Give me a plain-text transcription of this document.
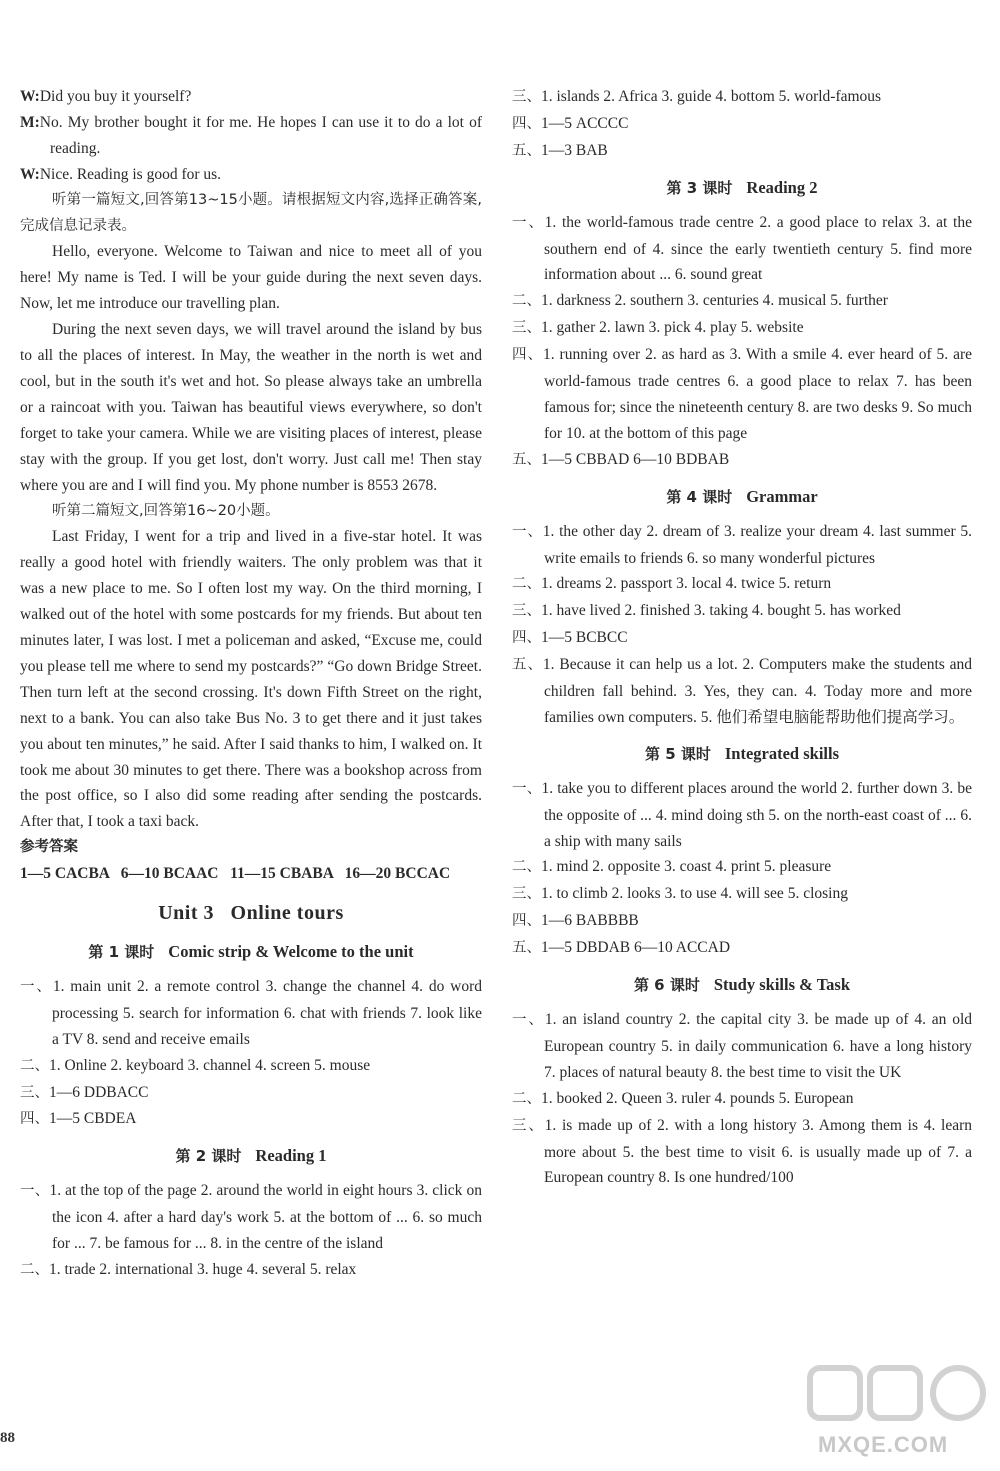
W:Did you buy it yourself?

M:No. My brother bought it for me. He hopes I can use it to do a lot of reading.

W:Nice. Reading is good for us.

听第一篇短文,回答第13~15小题。请根据短文内容,选择正确答案,完成信息记录表。

Hello, everyone. Welcome to Taiwan and nice to meet all of you here! My name is Ted. I will be your guide during the next seven days. Now, let me introduce our travelling plan.

During the next seven days, we will travel around the island by bus to all the places of interest. In May, the weather in the north is wet and cool, but in the south it's wet and hot. So please always take an umbrella or a raincoat with you. Taiwan has beautiful views everywhere, so don't forget to take your camera. While we are visiting places of interest, please stay with the group. If you get lost, don't worry. Just call me! Then stay where you are and I will find you. My phone number is 8553 2678.

听第二篇短文,回答第16~20小题。

Last Friday, I went for a trip and lived in a five-star hotel. It was really a good hotel with friendly waiters. The only problem was that it was a new place to me. So I often lost my way. On the third morning, I walked out of the hotel with some postcards for my friends. But about ten minutes later, I was lost. I met a policeman and asked, “Excuse me, could you please tell me where to send my postcards?” “Go down Bridge Street. Then turn left at the second crossing. It's down Fifth Street on the right, next to a bank. You can also take Bus No. 3 to get there and it just takes you about ten minutes,” he said. After I said thanks to him, I walked on. It took me about 30 minutes to get there. There was a bookshop across from the post office, so I also did some reading after sending the postcards. After that, I took a taxi back.

参考答案

1—5 CACBA   6—10 BCAAC   11—15 CBABA   16—20 BCCAC

Unit 3   Online tours
第 1 课时 Comic strip & Welcome to the unit

一、1. main unit 2. a remote control 3. change the channel 4. do word processing 5. search for information 6. chat with friends 7. look like a TV 8. send and receive emails

二、1. Online 2. keyboard 3. channel 4. screen 5. mouse

三、1—6 DDBACC

四、1—5 CBDEA

第 2 课时 Reading 1

一、1. at the top of the page 2. around the world in eight hours 3. click on the icon 4. after a hard day's work 5. at the bottom of ... 6. so much for ... 7. be famous for ... 8. in the centre of the island

二、1. trade 2. international 3. huge 4. several 5. relax

三、1. islands 2. Africa 3. guide 4. bottom 5. world-famous

四、1—5 ACCCC

五、1—3 BAB

第 3 课时 Reading 2

一、1. the world-famous trade centre 2. a good place to relax 3. at the southern end of 4. since the early twentieth century 5. find more information about ... 6. sound great

二、1. darkness 2. southern 3. centuries 4. musical 5. further

三、1. gather 2. lawn 3. pick 4. play 5. website

四、1. running over 2. as hard as 3. With a smile 4. ever heard of 5. are world-famous trade centres 6. a good place to relax 7. has been famous for; since the nineteenth century 8. are two desks 9. So much for 10. at the bottom of this page

五、1—5 CBBAD 6—10 BDBAB

第 4 课时 Grammar

一、1. the other day 2. dream of 3. realize your dream 4. last summer 5. write emails to friends 6. so many wonderful pictures

二、1. dreams 2. passport 3. local 4. twice 5. return

三、1. have lived 2. finished 3. taking 4. bought 5. has worked

四、1—5 BCBCC

五、1. Because it can help us a lot. 2. Computers make the students and children fall behind. 3. Yes, they can. 4. Today more and more families own computers. 5. 他们希望电脑能帮助他们提高学习。

第 5 课时 Integrated skills

一、1. take you to different places around the world 2. further down 3. be the opposite of ... 4. mind doing sth 5. on the north-east coast of ... 6. a ship with many sails

二、1. mind 2. opposite 3. coast 4. print 5. pleasure

三、1. to climb 2. looks 3. to use 4. will see 5. closing

四、1—6 BABBBB

五、1—5 DBDAB 6—10 ACCAD

第 6 课时 Study skills & Task

一、1. an island country 2. the capital city 3. be made up of 4. an old European country 5. in daily communication 6. have a long history 7. places of natural beauty 8. the best time to visit the UK

二、1. booked 2. Queen 3. ruler 4. pounds 5. European

三、1. is made up of 2. with a long history 3. Among them is 4. learn more about 5. the best time to visit 6. is usually made up of 7. a European country 8. Is one hundred/100

88	MXQE.COM
